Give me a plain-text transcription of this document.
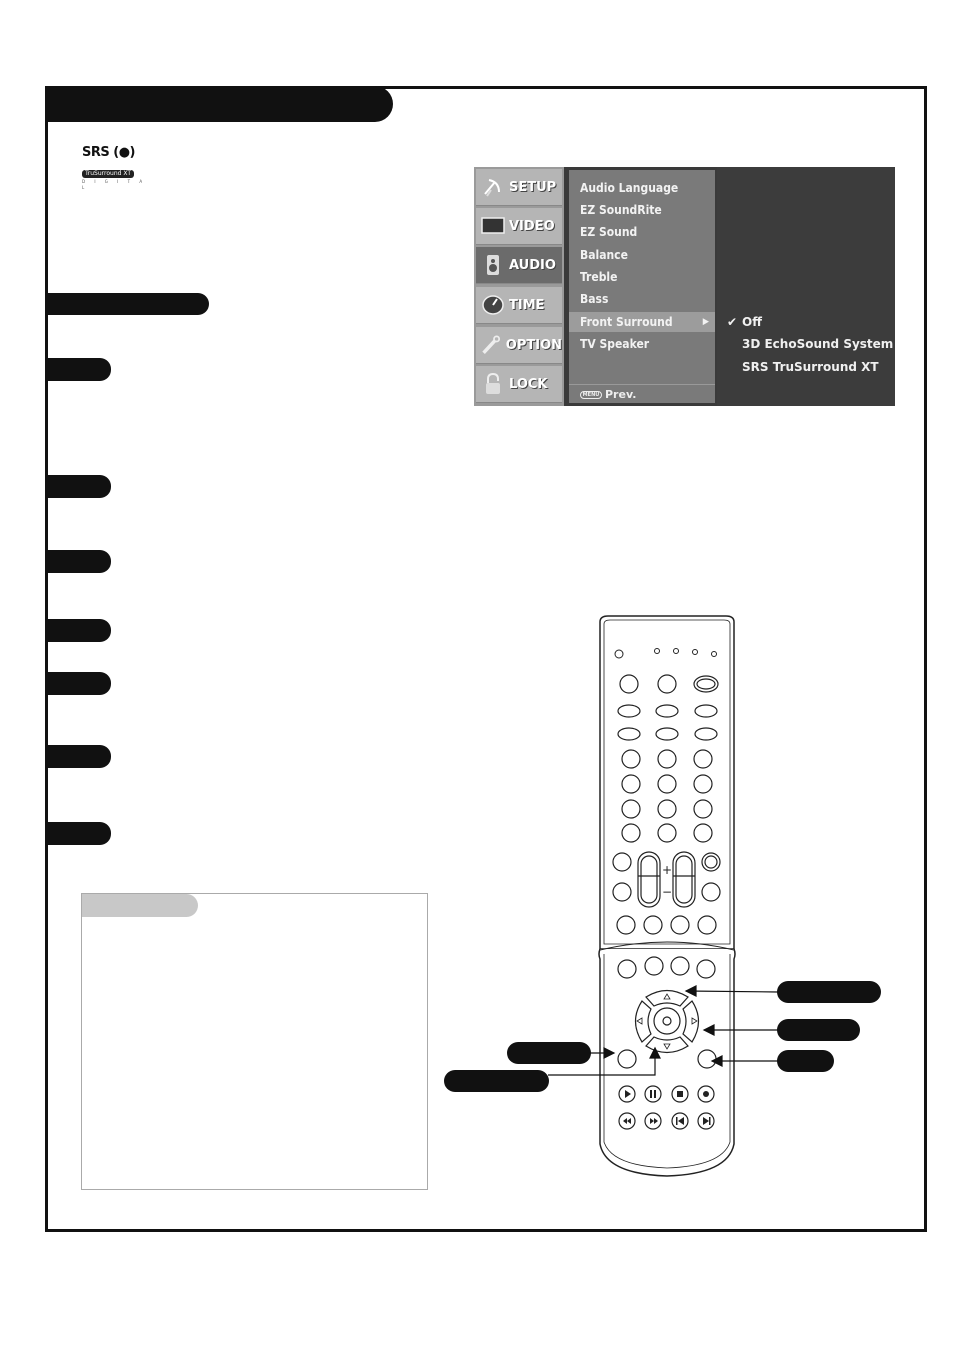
SRS (●)
TruSurround XT
D I G I T A L	SETUP
VIDEO
AUDIO
TIME
OPTION
LOCK
Audio Language
EZ SoundRite
EZ Sound
Balance
Treble
Bass
Front Surround	▶
TV Speaker
MENU Prev.
✔ Off
3D EchoSound System
SRS TruSurround XT
+
−
